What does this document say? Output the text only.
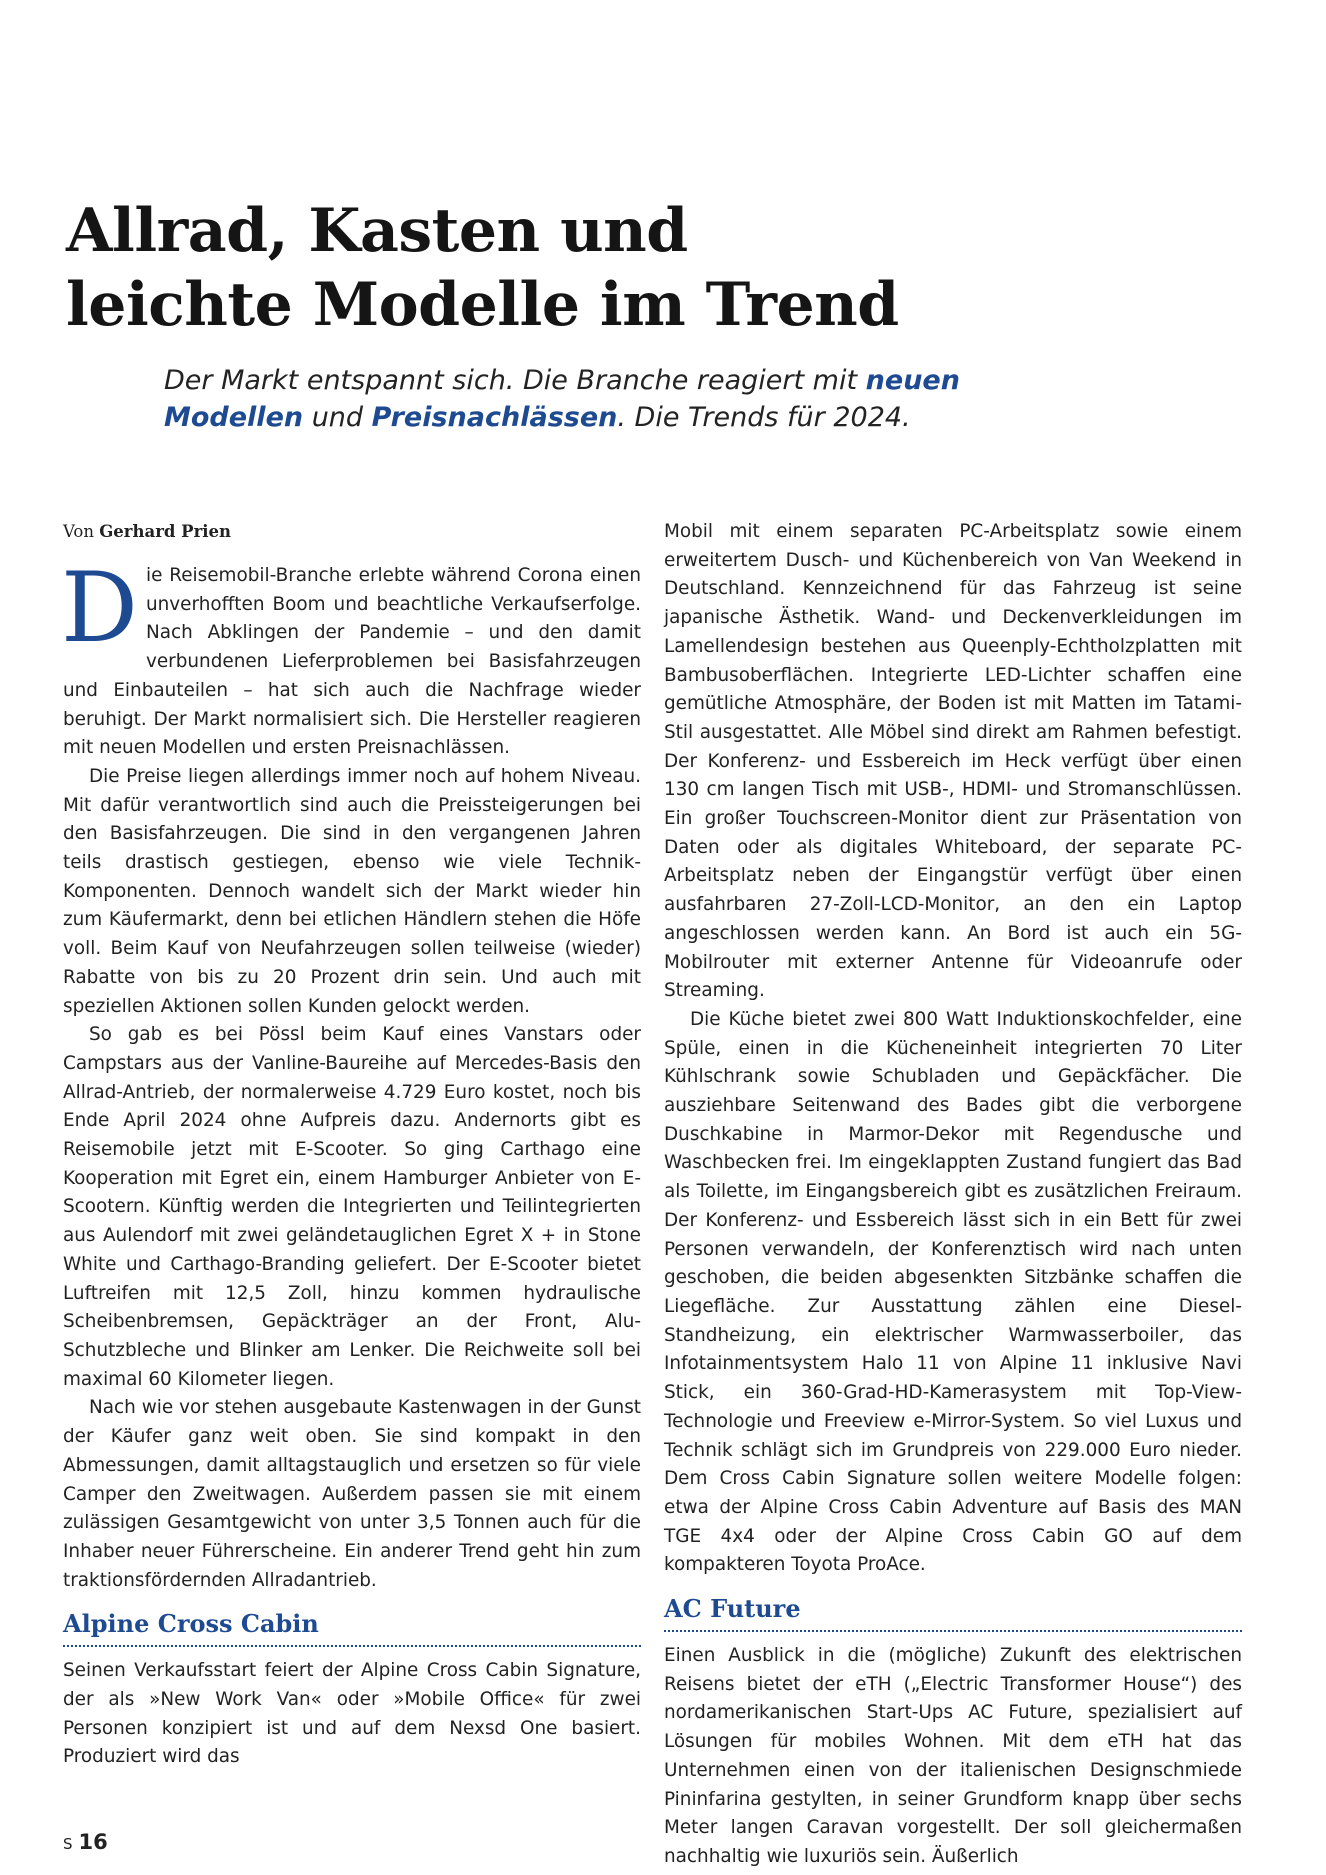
Allrad, Kasten und
leichte Modelle im Trend

Der Markt entspannt sich. Die Branche reagiert mit neuen Modellen und Preisnachlässen. Die Trends für 2024.

Von Gerhard Prien

Die Reisemobil-Branche erlebte während Corona einen unverhofften Boom und beachtliche Verkaufserfolge. Nach Abklingen der Pandemie – und den damit verbundenen Lieferproblemen bei Basisfahrzeugen und Einbauteilen – hat sich auch die Nachfrage wieder beruhigt. Der Markt normalisiert sich. Die Hersteller reagieren mit neuen Modellen und ersten Preisnachlässen.

Die Preise liegen allerdings immer noch auf hohem Niveau. Mit dafür verantwortlich sind auch die Preissteigerungen bei den Basisfahrzeugen. Die sind in den vergangenen Jahren teils drastisch gestiegen, ebenso wie viele Technik-Komponenten. Dennoch wandelt sich der Markt wieder hin zum Käufermarkt, denn bei etlichen Händlern stehen die Höfe voll. Beim Kauf von Neufahrzeugen sollen teilweise (wieder) Rabatte von bis zu 20 Prozent drin sein. Und auch mit speziellen Aktionen sollen Kunden gelockt werden.

So gab es bei Pössl beim Kauf eines Vanstars oder Campstars aus der Vanline-Baureihe auf Mercedes-Basis den Allrad-Antrieb, der normalerweise 4.729 Euro kostet, noch bis Ende April 2024 ohne Aufpreis dazu. Andernorts gibt es Reisemobile jetzt mit E-Scooter. So ging Carthago eine Kooperation mit Egret ein, einem Hamburger Anbieter von E-Scootern. Künftig werden die Integrierten und Teilintegrierten aus Aulendorf mit zwei geländetauglichen Egret X + in Stone White und Carthago-Branding geliefert. Der E-Scooter bietet Luftreifen mit 12,5 Zoll, hinzu kommen hydraulische Scheibenbremsen, Gepäckträger an der Front, Alu-Schutzbleche und Blinker am Lenker. Die Reichweite soll bei maximal 60 Kilometer liegen.

Nach wie vor stehen ausgebaute Kastenwagen in der Gunst der Käufer ganz weit oben. Sie sind kompakt in den Abmessungen, damit alltagstauglich und ersetzen so für viele Camper den Zweitwagen. Außerdem passen sie mit einem zulässigen Gesamtgewicht von unter 3,5 Tonnen auch für die Inhaber neuer Führerscheine. Ein anderer Trend geht hin zum traktionsfördernden Allradantrieb.

Alpine Cross Cabin

Seinen Verkaufsstart feiert der Alpine Cross Cabin Signature, der als »New Work Van« oder »Mobile Office« für zwei Personen konzipiert ist und auf dem Nexsd One basiert. Produziert wird das

Mobil mit einem separaten PC-Arbeitsplatz sowie einem erweitertem Dusch- und Küchenbereich von Van Weekend in Deutschland. Kennzeichnend für das Fahrzeug ist seine japanische Ästhetik. Wand- und Deckenverkleidungen im Lamellendesign bestehen aus Queenply-Echtholzplatten mit Bambusoberflächen. Integrierte LED-Lichter schaffen eine gemütliche Atmosphäre, der Boden ist mit Matten im Tatami-Stil ausgestattet. Alle Möbel sind direkt am Rahmen befestigt. Der Konferenz- und Essbereich im Heck verfügt über einen 130 cm langen Tisch mit USB-, HDMI- und Stromanschlüssen. Ein großer Touchscreen-Monitor dient zur Präsentation von Daten oder als digitales Whiteboard, der separate PC-Arbeitsplatz neben der Eingangstür verfügt über einen ausfahrbaren 27-Zoll-LCD-Monitor, an den ein Laptop angeschlossen werden kann. An Bord ist auch ein 5G-Mobilrouter mit externer Antenne für Videoanrufe oder Streaming.

Die Küche bietet zwei 800 Watt Induktionskochfelder, eine Spüle, einen in die Kücheneinheit integrierten 70 Liter Kühlschrank sowie Schubladen und Gepäckfächer. Die ausziehbare Seitenwand des Bades gibt die verborgene Duschkabine in Marmor-Dekor mit Regendusche und Waschbecken frei. Im eingeklappten Zustand fungiert das Bad als Toilette, im Eingangsbereich gibt es zusätzlichen Freiraum. Der Konferenz- und Essbereich lässt sich in ein Bett für zwei Personen verwandeln, der Konferenztisch wird nach unten geschoben, die beiden abgesenkten Sitzbänke schaffen die Liegefläche. Zur Ausstattung zählen eine Diesel-Standheizung, ein elektrischer Warmwasserboiler, das Infotainmentsystem Halo 11 von Alpine 11 inklusive Navi Stick, ein 360-Grad-HD-Kamerasystem mit Top-View-Technologie und Freeview e-Mirror-System. So viel Luxus und Technik schlägt sich im Grundpreis von 229.000 Euro nieder. Dem Cross Cabin Signature sollen weitere Modelle folgen: etwa der Alpine Cross Cabin Adventure auf Basis des MAN TGE 4x4 oder der Alpine Cross Cabin GO auf dem kompakteren Toyota ProAce.

AC Future

Einen Ausblick in die (mögliche) Zukunft des elektrischen Reisens bietet der eTH („Electric Transformer House“) des nordamerikanischen Start-Ups AC Future, spezialisiert auf Lösungen für mobiles Wohnen. Mit dem eTH hat das Unternehmen einen von der italienischen Designschmiede Pininfarina gestylten, in seiner Grundform knapp über sechs Meter langen Caravan vorgestellt. Der soll gleichermaßen nachhaltig wie luxuriös sein. Äußerlich

S 16
